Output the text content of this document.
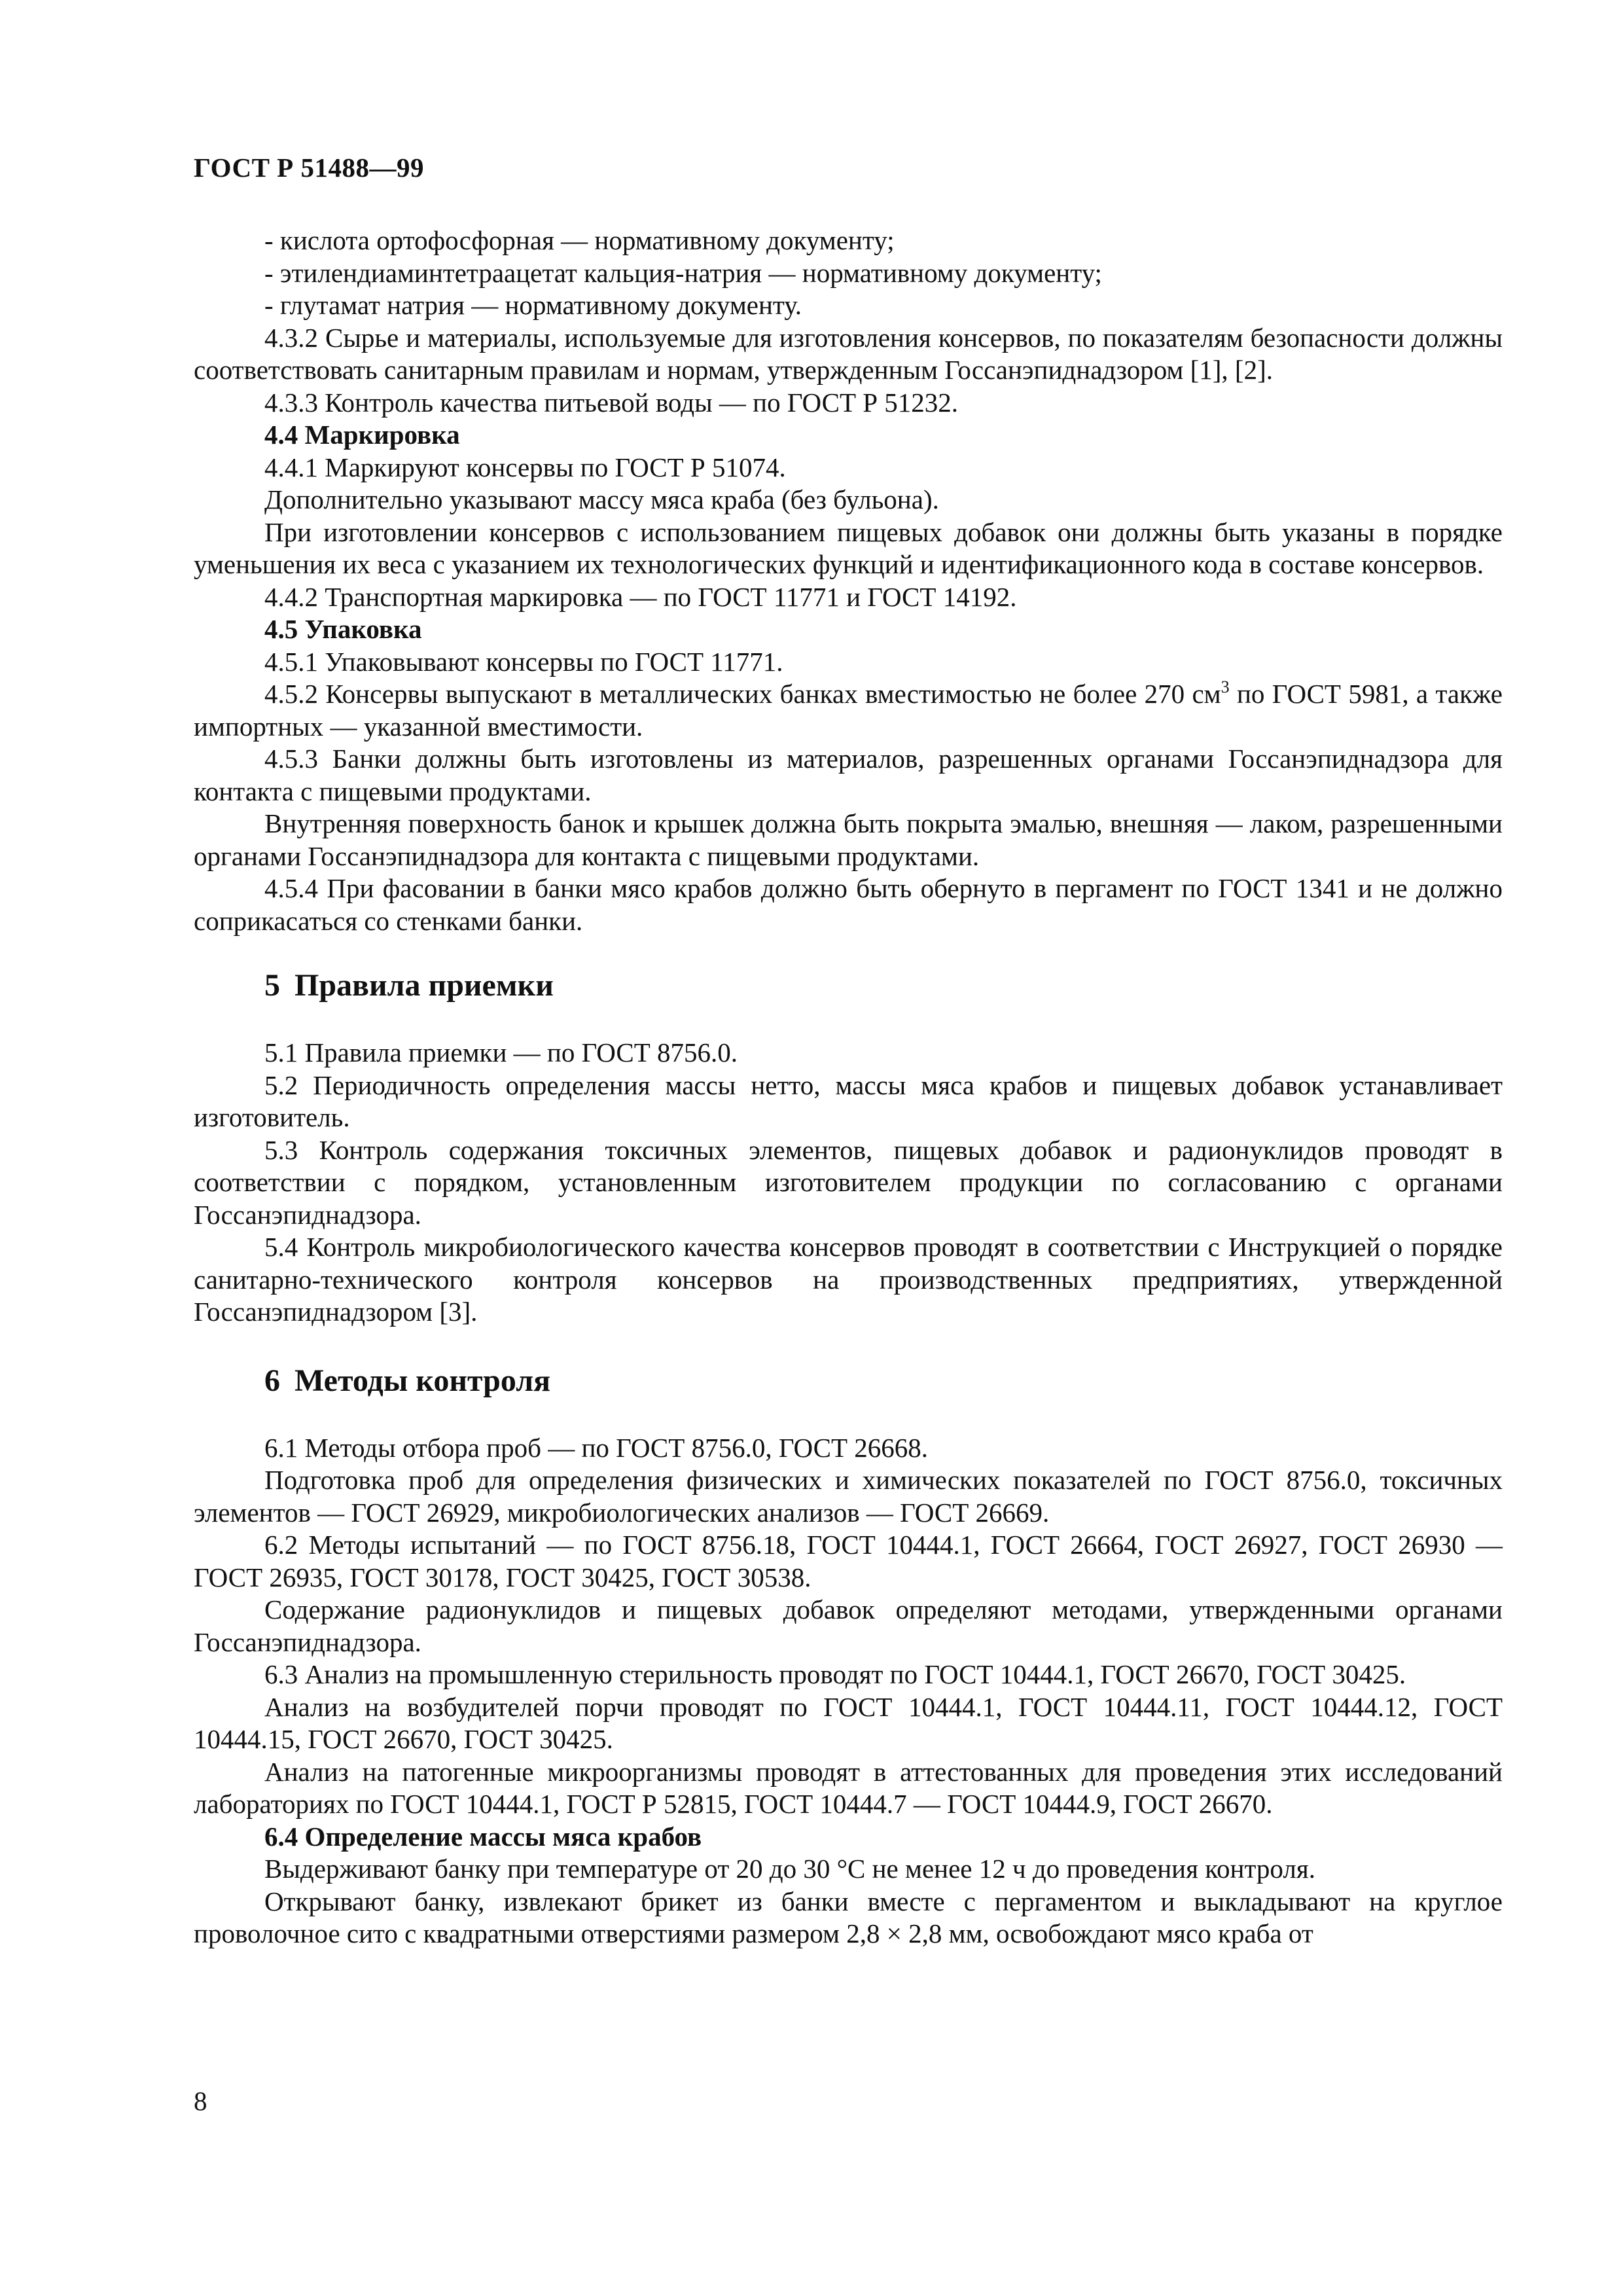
ГОСТ Р 51488—99

- кислота ортофосфорная — нормативному документу;

- этилендиаминтетраацетат кальция-натрия — нормативному документу;

- глутамат натрия — нормативному документу.

4.3.2 Сырье и материалы, используемые для изготовления консервов, по показателям безопасности должны соответствовать санитарным правилам и нормам, утвержденным Госсанэпиднадзором [1], [2].

4.3.3 Контроль качества питьевой воды — по ГОСТ Р 51232.

4.4 Маркировка

4.4.1 Маркируют консервы по ГОСТ Р 51074.

Дополнительно указывают массу мяса краба (без бульона).

При изготовлении консервов с использованием пищевых добавок они должны быть указаны в порядке уменьшения их веса с указанием их технологических функций и идентификационного кода в составе консервов.

4.4.2 Транспортная маркировка — по ГОСТ 11771 и ГОСТ 14192.

4.5 Упаковка

4.5.1 Упаковывают консервы по ГОСТ 11771.

4.5.2 Консервы выпускают в металлических банках вместимостью не более 270 $см^3$ по ГОСТ 5981, а также импортных — указанной вместимости.

4.5.3 Банки должны быть изготовлены из материалов, разрешенных органами Госсанэпиднадзора для контакта с пищевыми продуктами.

Внутренняя поверхность банок и крышек должна быть покрыта эмалью, внешняя — лаком, разрешенными органами Госсанэпиднадзора для контакта с пищевыми продуктами.

4.5.4 При фасовании в банки мясо крабов должно быть обернуто в пергамент по ГОСТ 1341 и не должно соприкасаться со стенками банки.

5 Правила приемки

5.1 Правила приемки — по ГОСТ 8756.0.

5.2 Периодичность определения массы нетто, массы мяса крабов и пищевых добавок устанавливает изготовитель.

5.3 Контроль содержания токсичных элементов, пищевых добавок и радионуклидов проводят в соответствии с порядком, установленным изготовителем продукции по согласованию с органами Госсанэпиднадзора.

5.4 Контроль микробиологического качества консервов проводят в соответствии с Инструкцией о порядке санитарно-технического контроля консервов на производственных предприятиях, утвержденной Госсанэпиднадзором [3].

6 Методы контроля

6.1 Методы отбора проб — по ГОСТ 8756.0, ГОСТ 26668.

Подготовка проб для определения физических и химических показателей по ГОСТ 8756.0, токсичных элементов — ГОСТ 26929, микробиологических анализов — ГОСТ 26669.

6.2 Методы испытаний — по ГОСТ 8756.18, ГОСТ 10444.1, ГОСТ 26664, ГОСТ 26927, ГОСТ 26930 — ГОСТ 26935, ГОСТ 30178, ГОСТ 30425, ГОСТ 30538.

Содержание радионуклидов и пищевых добавок определяют методами, утвержденными органами Госсанэпиднадзора.

6.3 Анализ на промышленную стерильность проводят по ГОСТ 10444.1, ГОСТ 26670, ГОСТ 30425.

Анализ на возбудителей порчи проводят по ГОСТ 10444.1, ГОСТ 10444.11, ГОСТ 10444.12, ГОСТ 10444.15, ГОСТ 26670, ГОСТ 30425.

Анализ на патогенные микроорганизмы проводят в аттестованных для проведения этих исследований лабораториях по ГОСТ 10444.1, ГОСТ Р 52815, ГОСТ 10444.7 — ГОСТ 10444.9, ГОСТ 26670.

6.4 Определение массы мяса крабов

Выдерживают банку при температуре от 20 до 30 °С не менее 12 ч до проведения контроля.

Открывают банку, извлекают брикет из банки вместе с пергаментом и выкладывают на круглое проволочное сито с квадратными отверстиями размером 2,8 × 2,8 мм, освобождают мясо краба от

8
